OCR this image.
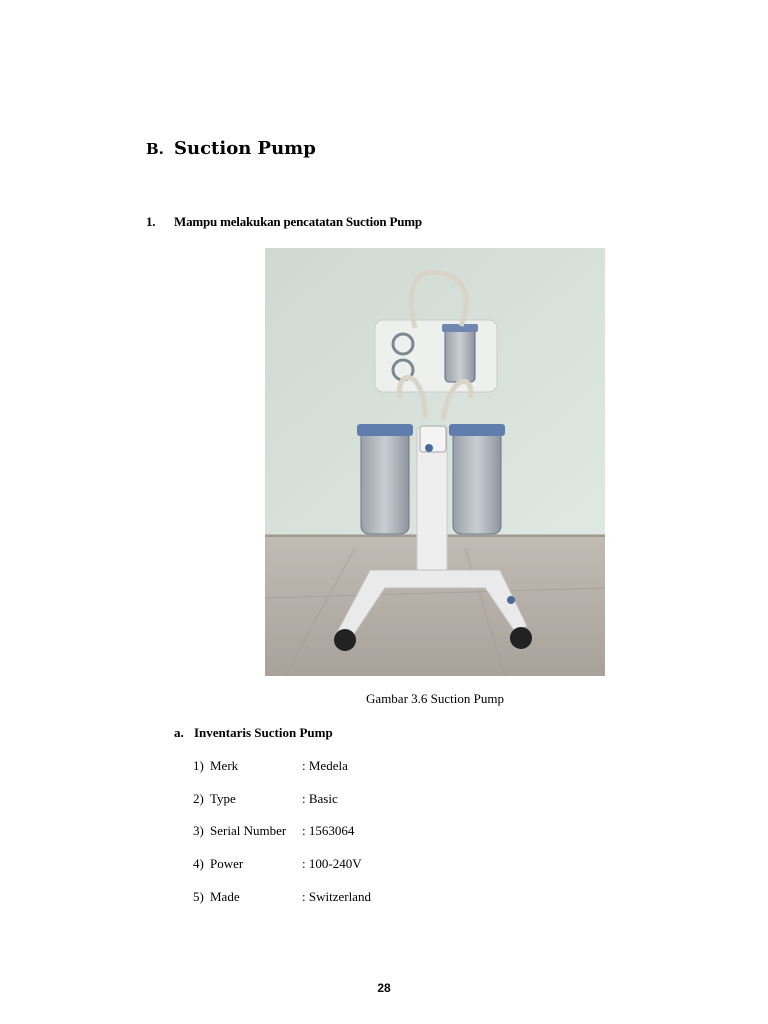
B. Suction Pump
1. Mampu melakukan pencatatan Suction Pump
Gambar 3.6 Suction Pump
a. Inventaris Suction Pump
1) Merk	: Medela
2) Type	: Basic
3) Serial Number : 1563064
4) Power	: 100-240V
5) Made	: Switzerland
28
